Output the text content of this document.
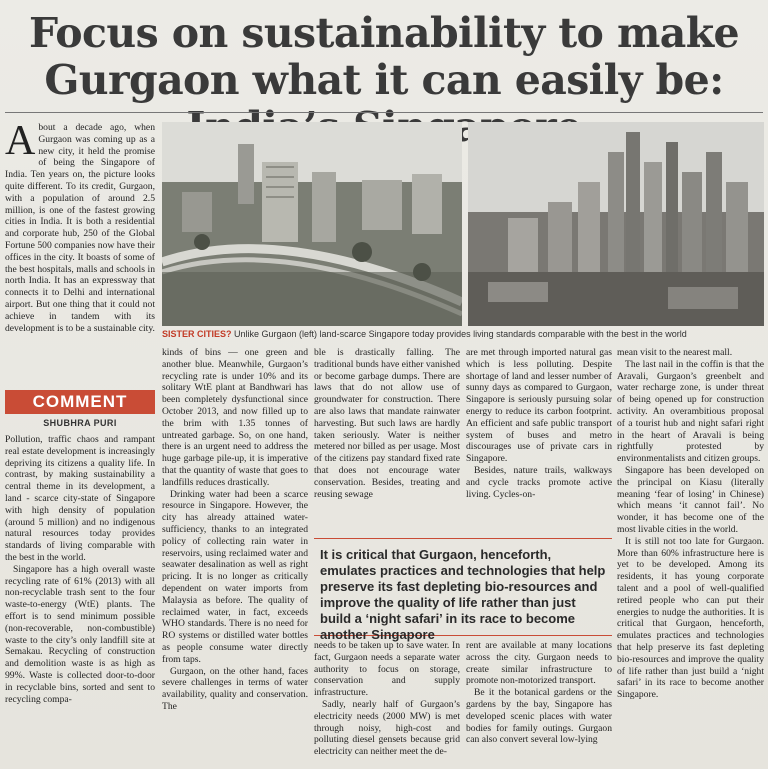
Focus on sustainability to make Gurgaon what it can easily be:

About a decade ago, when Gurgaon was coming up as a new city, it held the promise of being the Singapore of India. Ten years on, the picture looks quite different. To its credit, Gurgaon, with a population of around 2.5 million, is one of the fastest growing cities in India. It is both a residential and corporate hub, 250 of the Global Fortune 500 companies now have their offices in the city. It boasts of some of the best hospitals, malls and schools in north India. It has an expressway that connects it to Delhi and international airport. But one thing that it could not achieve in tandem with its development is to be a sustainable city.

COMMENT
SHUBHRA PURI

Pollution, traffic chaos and rampant real estate development is increasingly depriving its citizens a quality life. In contrast, by making sustainability a central theme in its development, a land - scarce city-state of Singapore with high density of population (around 5 million) and no indigenous natural resources today provides standards of living comparable with the best in the world.

Singapore has a high overall waste recycling rate of 61% (2013) with all non-recyclable trash sent to the four waste-to-energy (WtE) plants. The effort is to send minimum possible (non-recoverable, non-combustible) waste to the city’s only landfill site at Semakau. Recycling of construction and demolition waste is as high as 99%. Waste is collected door-to-door in recyclable bins, sorted and sent to recycling compa-

SISTER CITIES? Unlike Gurgaon (left) land-scarce Singapore today provides living standards comparable with the best in the world

kinds of bins — one green and another blue. Meanwhile, Gurgaon’s recycling rate is under 10% and its solitary WtE plant at Bandhwari has been completely dysfunctional since October 2013, and now filled up to the brim with 1.35 tonnes of untreated garbage. So, on one hand, there is an urgent need to address the huge garbage pile-up, it is imperative that the quantity of waste that goes to landfills reduces drastically.

Drinking water had been a scarce resource in Singapore. However, the city has already attained water-sufficiency, thanks to an integrated policy of collecting rain water in reservoirs, using reclaimed water and seawater desalination as well as right pricing. It is no longer as critically dependent on water imports from Malaysia as before. The quality of reclaimed water, in fact, exceeds WHO standards. There is no need for RO systems or distilled water bottles as people consume water directly from taps.

Gurgaon, on the other hand, faces severe challenges in terms of water availability, quality and conservation. The

ble is drastically falling. The traditional bunds have either vanished or become garbage dumps. There are laws that do not allow use of groundwater for construction. There are also laws that mandate rainwater harvesting. But such laws are hardly taken seriously. Water is neither metered nor billed as per usage. Most of the citizens pay standard fixed rate that does not encourage water conservation. Besides, treating and reusing sewage

are met through imported natural gas which is less polluting. Despite shortage of land and lesser number of sunny days as compared to Gurgaon, Singapore is seriously pursuing solar energy to reduce its carbon footprint. An efficient and safe public transport system of buses and metro discourages use of private cars in Singapore.

Besides, nature trails, walkways and cycle tracks promote active living. Cycles-on-

mean visit to the nearest mall.

The last nail in the coffin is that the Aravali, Gurgaon’s greenbelt and water recharge zone, is under threat of being opened up for construction activity. An overambitious proposal of a tourist hub and night safari right in the heart of Aravali is being rightfully protested by environmentalists and citizen groups.

Singapore has been developed on the principal on Kiasu (literally meaning ‘fear of losing’ in Chinese) which means ‘it cannot fail’. No wonder, it has become one of the most livable cities in the world.

It is still not too late for Gurgaon. More than 60% infrastructure here is yet to be developed. Among its residents, it has young corporate talent and a pool of well-qualified retired people who can put their energies to nudge the authorities. It is critical that Gurgaon, henceforth, emulates practices and technologies that help preserve its fast depleting bio-resources and improve the quality of life rather than just build a ‘night safari’ in its race to become another Singapore.

It is critical that Gurgaon, henceforth, emulates practices and technologies that help preserve its fast depleting bio-resources and improve the quality of life rather than just build a ‘night safari’ in its race to become another Singapore

needs to be taken up to save water. In fact, Gurgaon needs a separate water authority to focus on storage, conservation and supply infrastructure.

Sadly, nearly half of Gurgaon’s electricity needs (2000 MW) is met through noisy, high-cost and polluting diesel gensets because grid electricity can neither meet the de-

rent are available at many locations across the city. Gurgaon needs to create similar infrastructure to promote non-motorized transport.

Be it the botanical gardens or the gardens by the bay, Singapore has developed scenic places with water bodies for family outings. Gurgaon can also convert several low-lying
